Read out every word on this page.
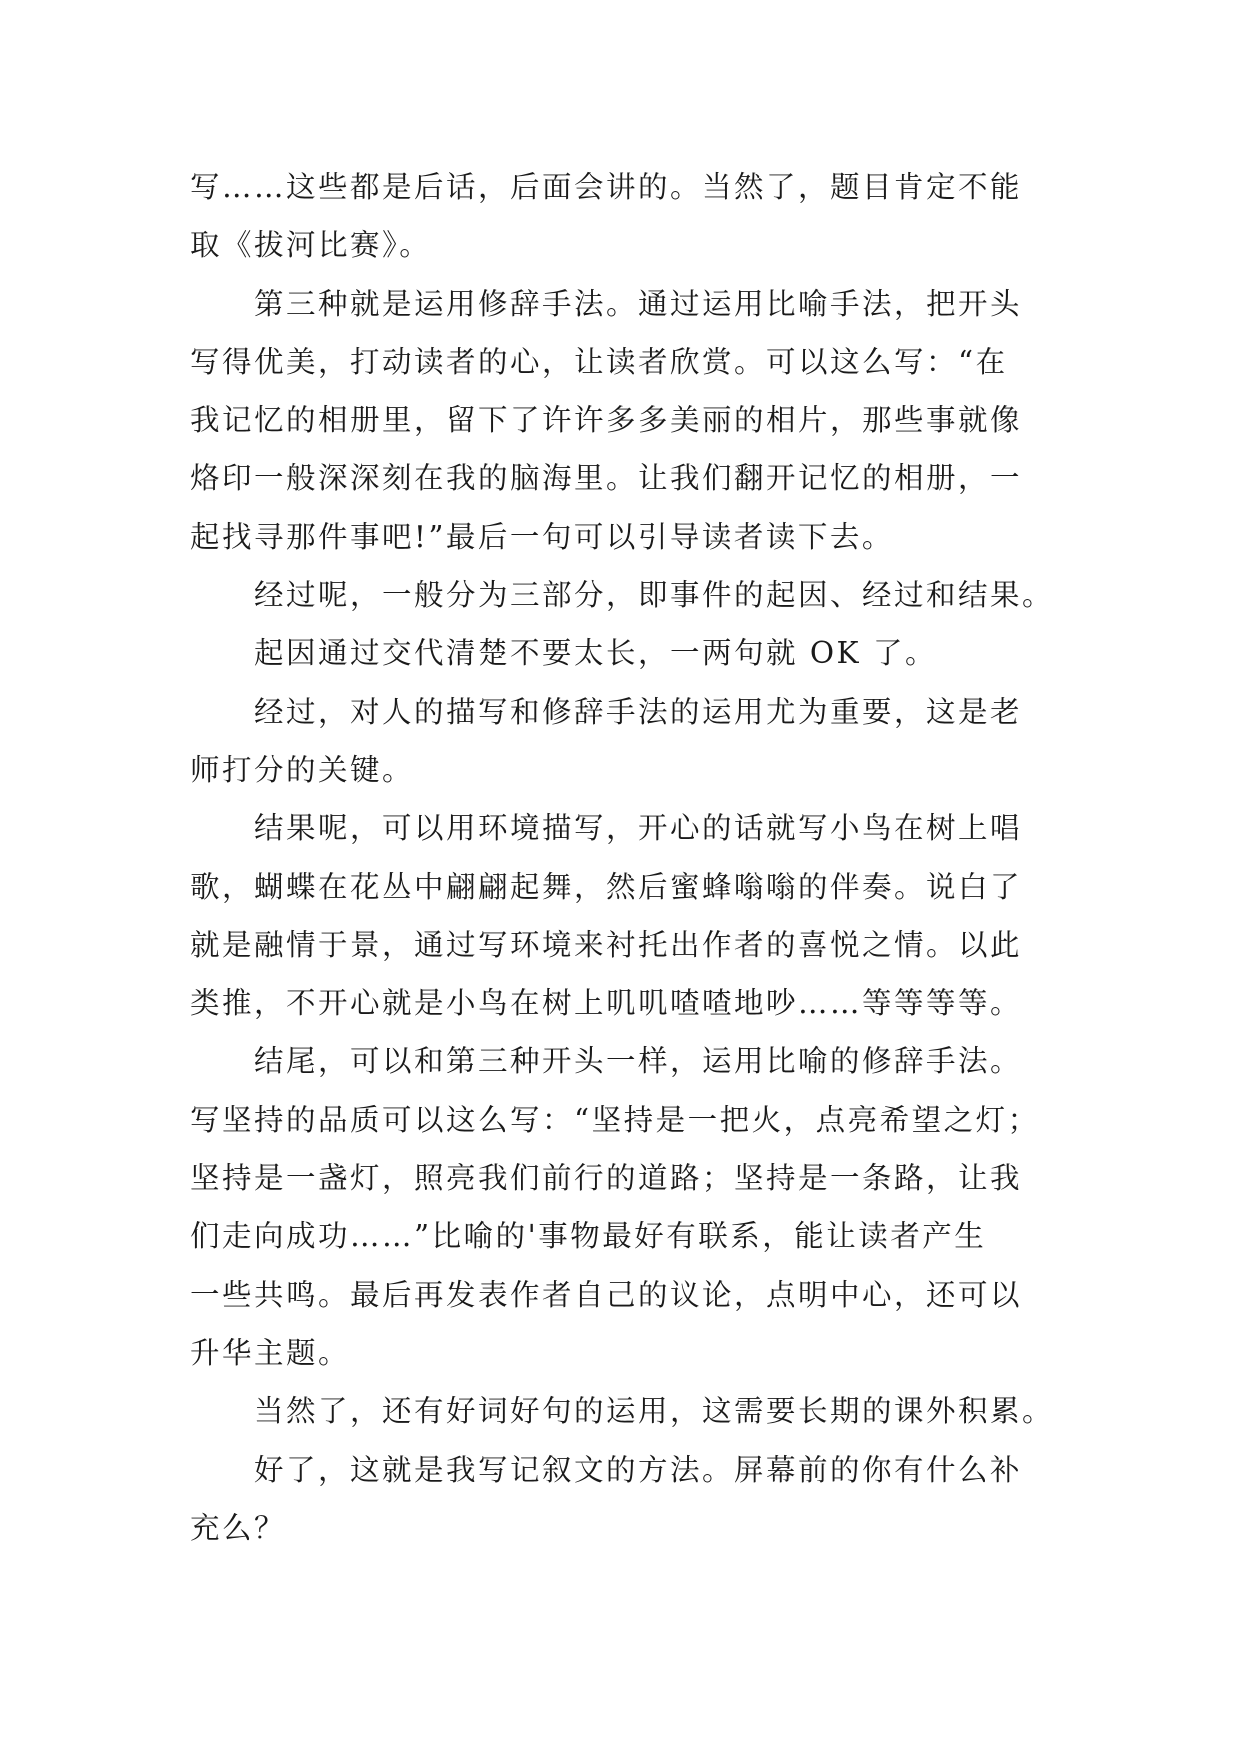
写……这些都是后话，后面会讲的。当然了，题目肯定不能
取《拔河比赛》。
第三种就是运用修辞手法。通过运用比喻手法，把开头
写得优美，打动读者的心，让读者欣赏。可以这么写：“在
我记忆的相册里，留下了许许多多美丽的相片，那些事就像
烙印一般深深刻在我的脑海里。让我们翻开记忆的相册，一
起找寻那件事吧!”最后一句可以引导读者读下去。
经过呢，一般分为三部分，即事件的起因、经过和结果。
起因通过交代清楚不要太长，一两句就 OK 了。
经过，对人的描写和修辞手法的运用尤为重要，这是老
师打分的关键。
结果呢，可以用环境描写，开心的话就写小鸟在树上唱
歌，蝴蝶在花丛中翩翩起舞，然后蜜蜂嗡嗡的伴奏。说白了
就是融情于景，通过写环境来衬托出作者的喜悦之情。以此
类推，不开心就是小鸟在树上叽叽喳喳地吵……等等等等。
结尾，可以和第三种开头一样，运用比喻的修辞手法。
写坚持的品质可以这么写：“坚持是一把火，点亮希望之灯；
坚持是一盏灯，照亮我们前行的道路；坚持是一条路，让我
们走向成功……”比喻的'事物最好有联系，能让读者产生
一些共鸣。最后再发表作者自己的议论，点明中心，还可以
升华主题。
当然了，还有好词好句的运用，这需要长期的课外积累。
好了，这就是我写记叙文的方法。屏幕前的你有什么补
充么？
